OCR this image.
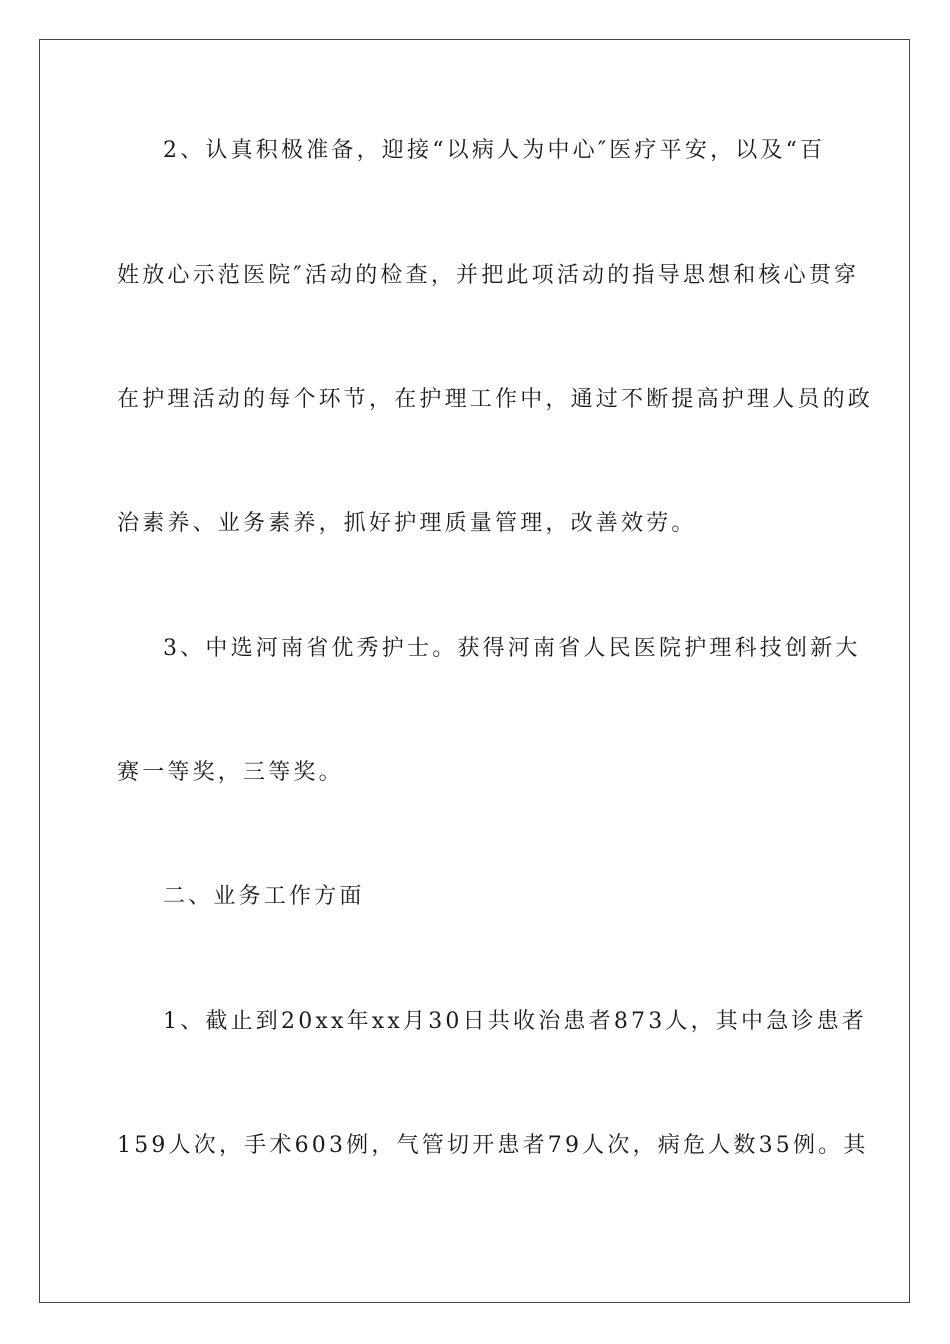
2、认真积极准备，迎接“以病人为中心″医疗平安，以及“百
姓放心示范医院″活动的检查，并把此项活动的指导思想和核心贯穿
在护理活动的每个环节，在护理工作中，通过不断提高护理人员的政
治素养、业务素养，抓好护理质量管理，改善效劳。
3、中选河南省优秀护士。获得河南省人民医院护理科技创新大
赛一等奖，三等奖。
二、业务工作方面
1、截止到20xx年xx月30日共收治患者873人，其中急诊患者
159人次，手术603例，气管切开患者79人次，病危人数35例。其
